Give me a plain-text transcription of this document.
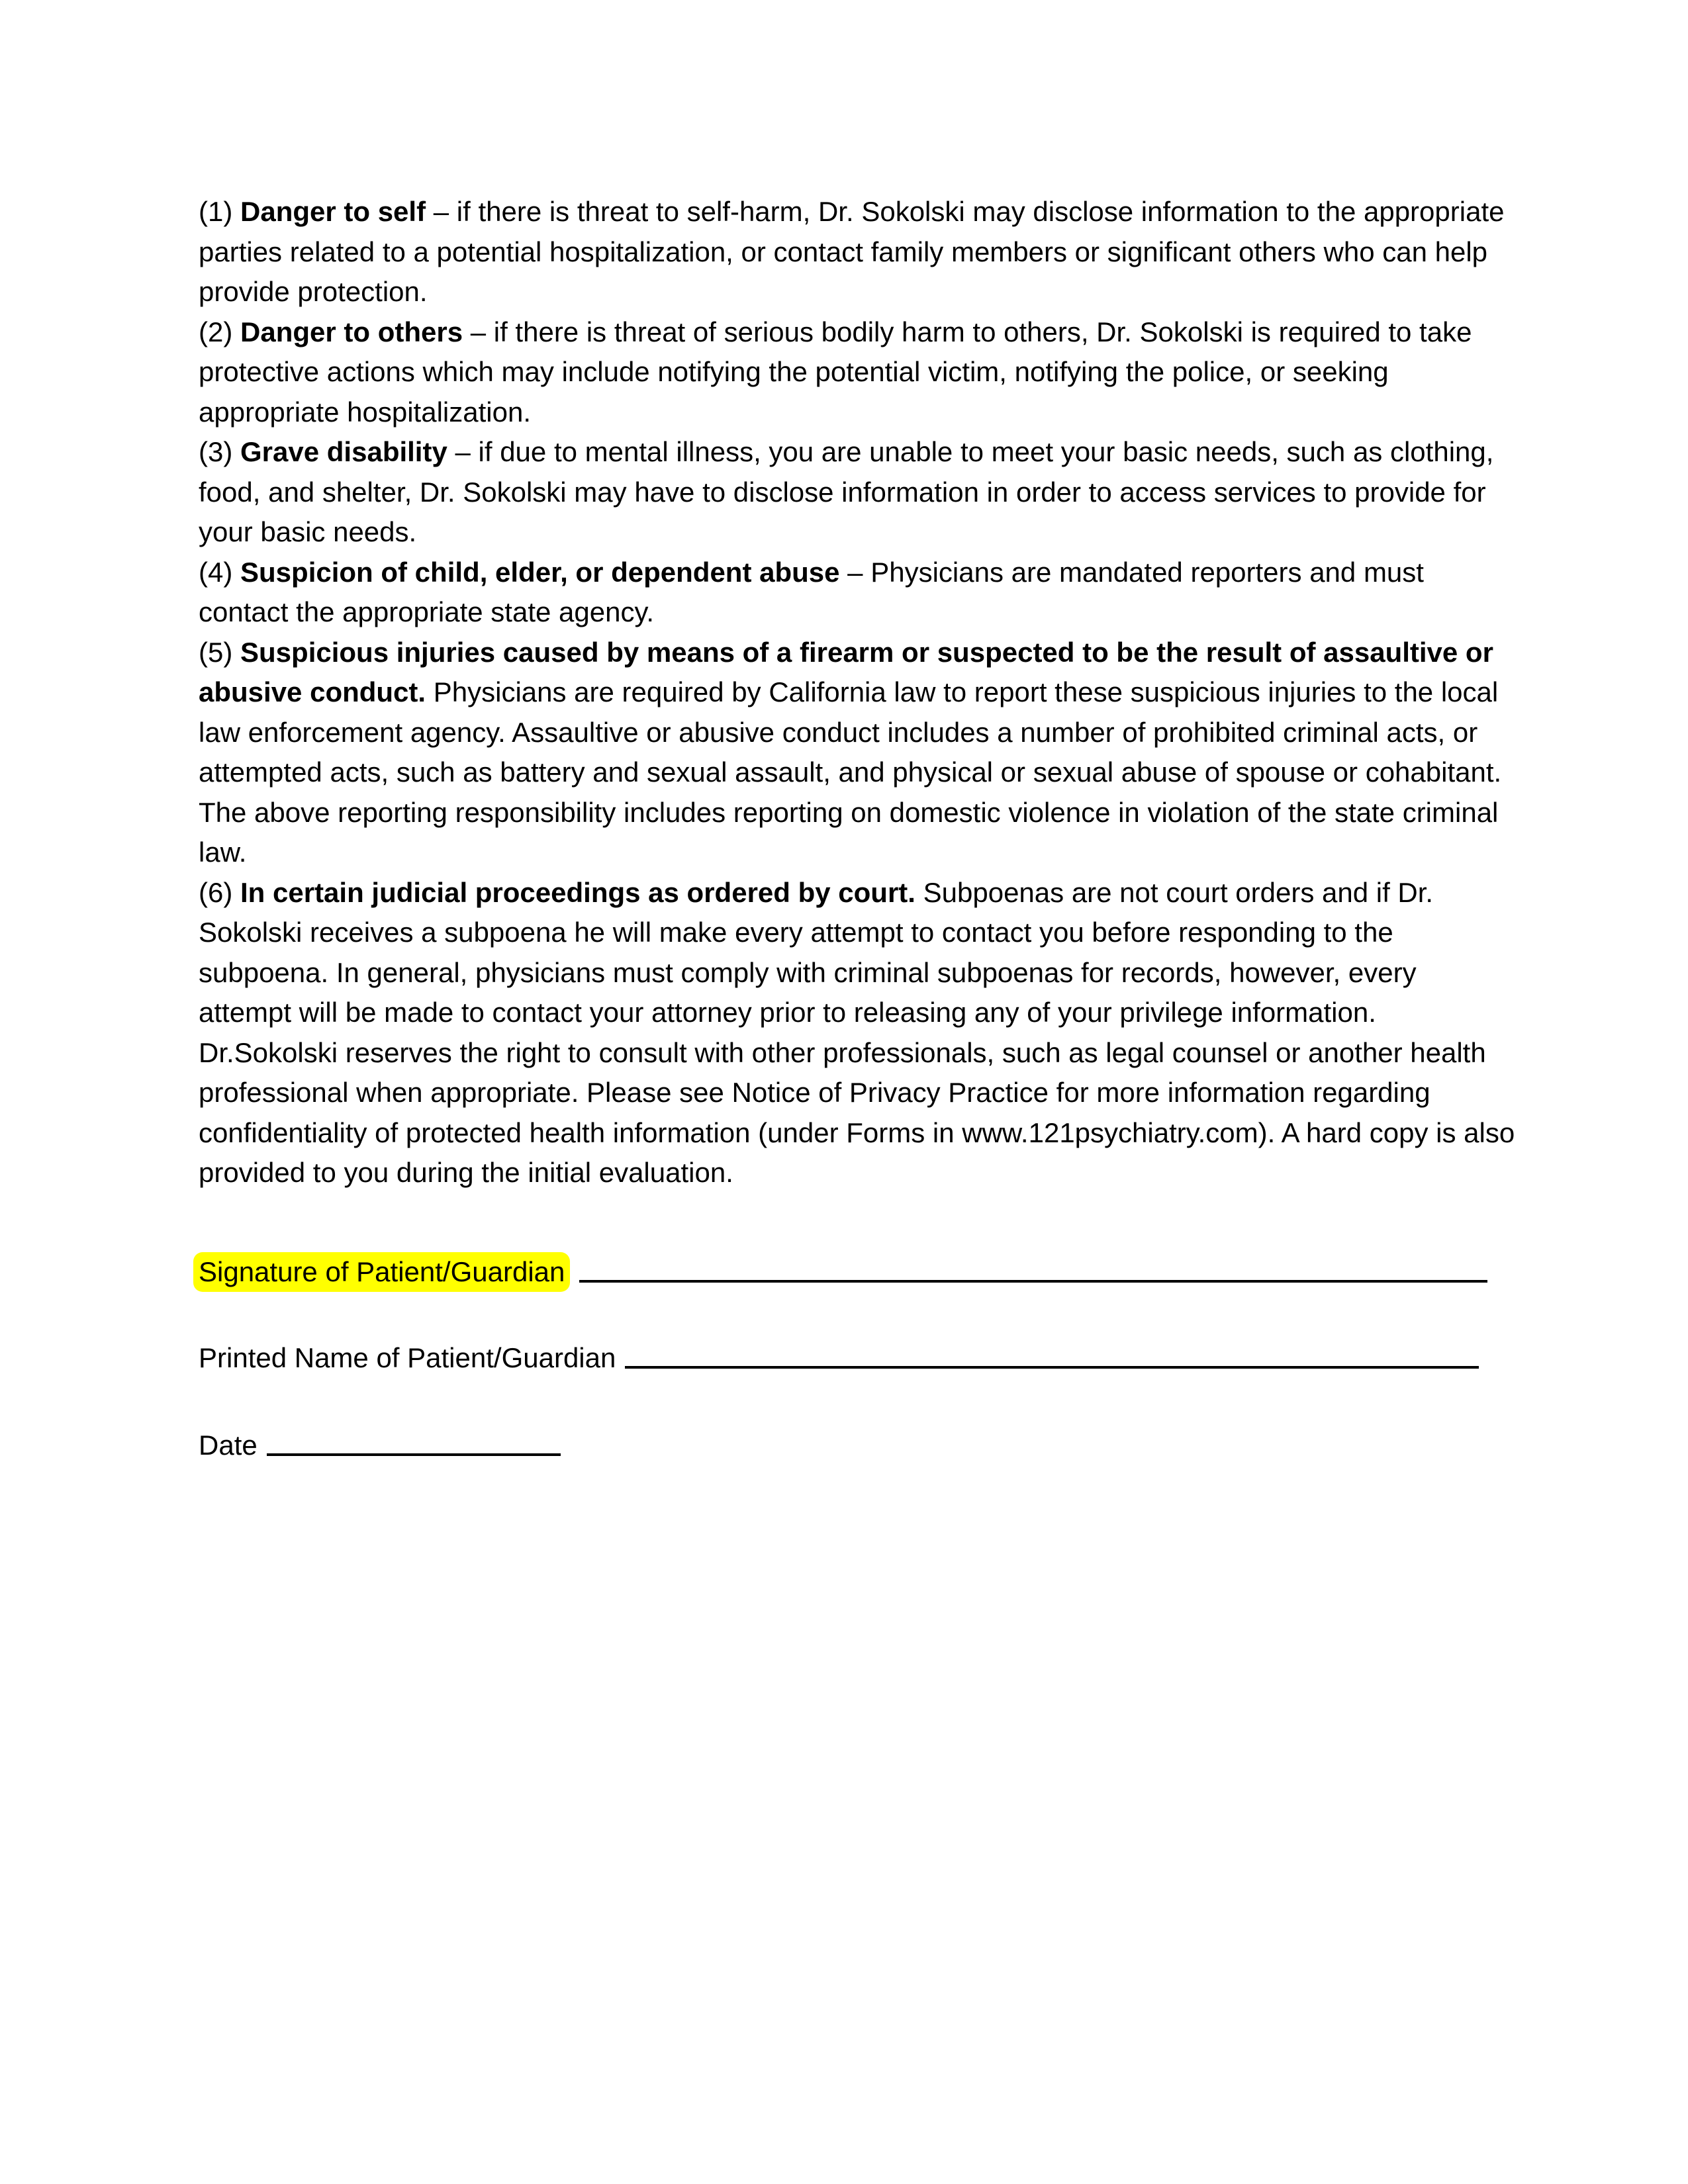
(1) Danger to self – if there is threat to self-harm, Dr. Sokolski may disclose information to the appropriate parties related to a potential hospitalization, or contact family members or significant others who can help provide protection.

(2) Danger to others – if there is threat of serious bodily harm to others, Dr. Sokolski is required to take protective actions which may include notifying the potential victim, notifying the police, or seeking appropriate hospitalization.

(3) Grave disability – if due to mental illness, you are unable to meet your basic needs, such as clothing, food, and shelter, Dr. Sokolski may have to disclose information in order to access services to provide for your basic needs.

(4) Suspicion of child, elder, or dependent abuse – Physicians are mandated reporters and must contact the appropriate state agency.

(5) Suspicious injuries caused by means of a firearm or suspected to be the result of assaultive or abusive conduct. Physicians are required by California law to report these suspicious injuries to the local law enforcement agency. Assaultive or abusive conduct includes a number of prohibited criminal acts, or attempted acts, such as battery and sexual assault, and physical or sexual abuse of spouse or cohabitant. The above reporting responsibility includes reporting on domestic violence in violation of the state criminal law.

(6) In certain judicial proceedings as ordered by court. Subpoenas are not court orders and if Dr. Sokolski receives a subpoena he will make every attempt to contact you before responding to the subpoena. In general, physicians must comply with criminal subpoenas for records, however, every attempt will be made to contact your attorney prior to releasing any of your privilege information. Dr.Sokolski reserves the right to consult with other professionals, such as legal counsel or another health professional when appropriate. Please see Notice of Privacy Practice for more information regarding confidentiality of protected health information (under Forms in www.121psychiatry.com). A hard copy is also provided to you during the initial evaluation.

Signature of Patient/Guardian
Printed Name of Patient/Guardian
Date
